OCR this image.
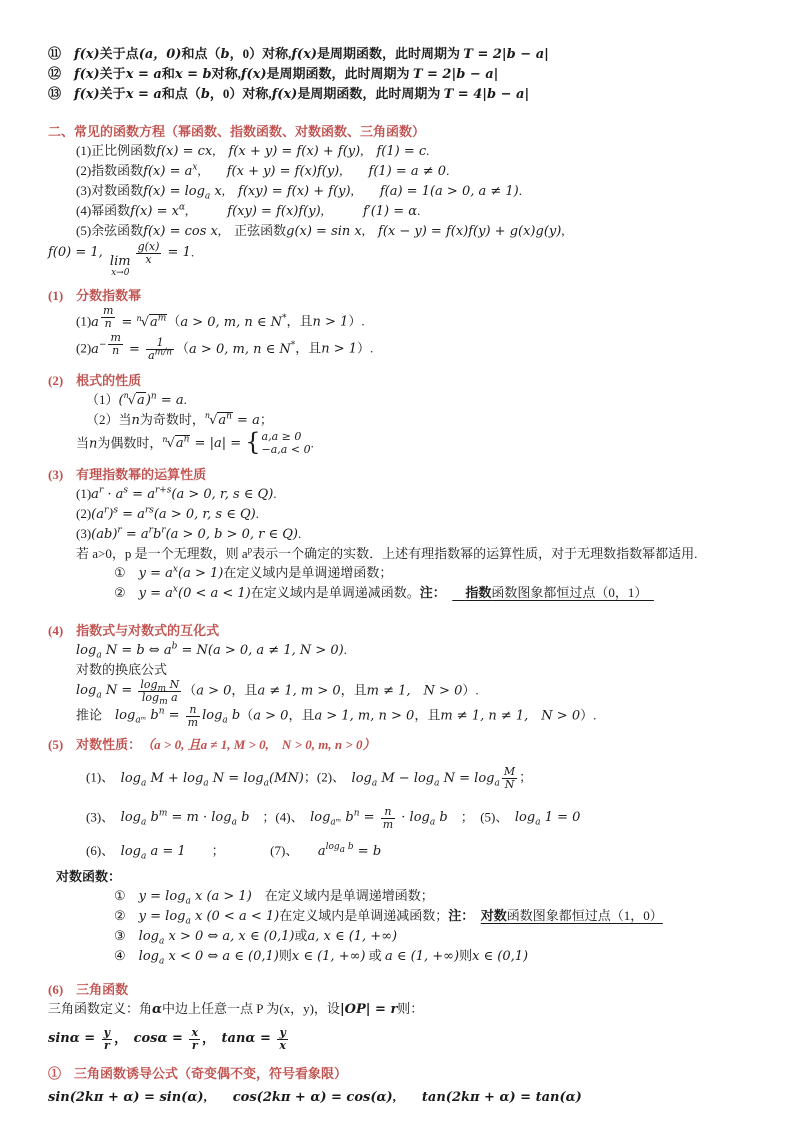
⑪　f(x)关于点(a，0)和点（b，0）对称,f(x)是周期函数，此时周期为 T = 2|b − a|
⑫　f(x)关于x = a和x = b对称,f(x)是周期函数，此时周期为 T = 2|b − a|
⑬　f(x)关于x = a和点（b，0）对称,f(x)是周期函数，此时周期为 T = 4|b − a|
二、常见的函数方程（幂函数、指数函数、对数函数、三角函数）
(1)正比例函数f(x) = cx,　f(x + y) = f(x) + f(y),　f(1) = c.
(2)指数函数$f(x) = a^x$,　　f(x + y) = f(x)f(y),　　f(1) = a ≠ 0.
(3)对数函数$f(x) = \log_a x$,　f(xy) = f(x) + f(y),　　f(a) = 1(a > 0, a ≠ 1).
(4)幂函数$f(x) = x^\alpha$,　　　f(xy) = f(x)f(y),　　　f′(1) = α.
(5)余弦函数f(x) = cos x,　正弦函数g(x) = sin x,　f(x − y) = f(x)f(y) + g(x)g(y),
f(0) = 1,
lim
x→0
$\frac{g(x)}{x} = 1$.
(1)　分数指数幂
(1)a $^{\frac{m}{n}} = ^n√a^m(a > 0$, m, n ∈ N*，且n > 1）.
$(2)a^{- \frac{m}{n}} = \frac{1}{a^{m/n}} (a > 0$, m, n ∈ N*，且n > 1）.
(2)　根式的性质
$(1)(^n√a)^n = a$.
（2）当n为奇数时，$^n√a^n = a$；
当n为偶数时，$^n√a^n = |a|$ = { a,a ≥ 0
−a,a < 0 .
(3)　有理指数幂的运算性质
$(1)a^r \cdot a^s = a^{r+s}(a > 0$, r, s ∈ Q).
$(2)(a^r)^s = a^{rs}(a > 0$, r, s ∈ Q).
$(3)(ab)^r = a^rb^r(a > 0$, b > 0, r ∈ Q).
若 a>0，p 是一个无理数，则 $a^p$表示一个确定的实数．上述有理指数幂的运算性质，对于无理数指数幂都适用.
①　$y = a^x(a > 1)$在定义域内是单调递增函数；
②　$y = a^x(0 < a < 1)$在定义域内是单调递减函数。注：　　 指数函数图象都恒过点（0，1）　
(4)　指数式与对数式的互化式
$\log_a N = b$ ⇔ $a^b = N(a > 0$, a ≠ 1, N > 0).
对数的换底公式
$\log_a N = \frac{\log_m N}{\log_m a} (a > 0$，且a ≠ 1, m > 0，且m ≠ 1,　N > 0）.
推论　$\log_{aᵐ} b^n = \frac{n}{m} \log_a b(a > 0$，且a > 1, m, n > 0，且m ≠ 1, n ≠ 1,　N > 0）.
(5)　对数性质：　（a > 0, 且a ≠ 1, M > 0,　N > 0, m, n > 0）
(1)、　$\log_a M + \log_a N = \log_a(MN)$；(2)、　$\log_a M - \log_a N = \log_a \frac{M}{N}$ ；
(3)、　$\log_a b^m = m \cdot \log_a b$　；(4)、　$\log_{aᵐ} b^n = \frac{n}{m} \cdot \log_a b$　；　(5)、　$\log_a 1 = 0$
(6)、　$\log_a a = 1$　　；　　　　(7)、　　$a^{log_a b} = b$
对数函数：
①　$y = \log_a x$ (a > 1)　在定义域内是单调递增函数；
②　$y = \log_a x$ (0 < a < 1)在定义域内是单调递减函数；注：　 对数函数图象都恒过点（1，0）
③　$\log_a x > 0$ ⇔ a, x ∈ (0,1)或a, x ∈ (1, +∞)
④　$\log_a x < 0$ ⇔ a ∈ (0,1)则x ∈ (1, +∞) 或 a ∈ (1, +∞)则x ∈ (0,1)
(6)　三角函数
三角函数定义：角α中边上任意一点 P 为(x，y)，设|OP| = r则：
$\sin\alpha = \frac{y}{r}$ ，　$\cos\alpha = \frac{x}{r}$ ，　$\tan\alpha = \frac{y}{x}$
①　三角函数诱导公式（奇变偶不变，符号看象限）
sin(2kπ + α) = sin(α),　　cos(2kπ + α) = cos(α),　　tan(2kπ + α) = tan(α)
